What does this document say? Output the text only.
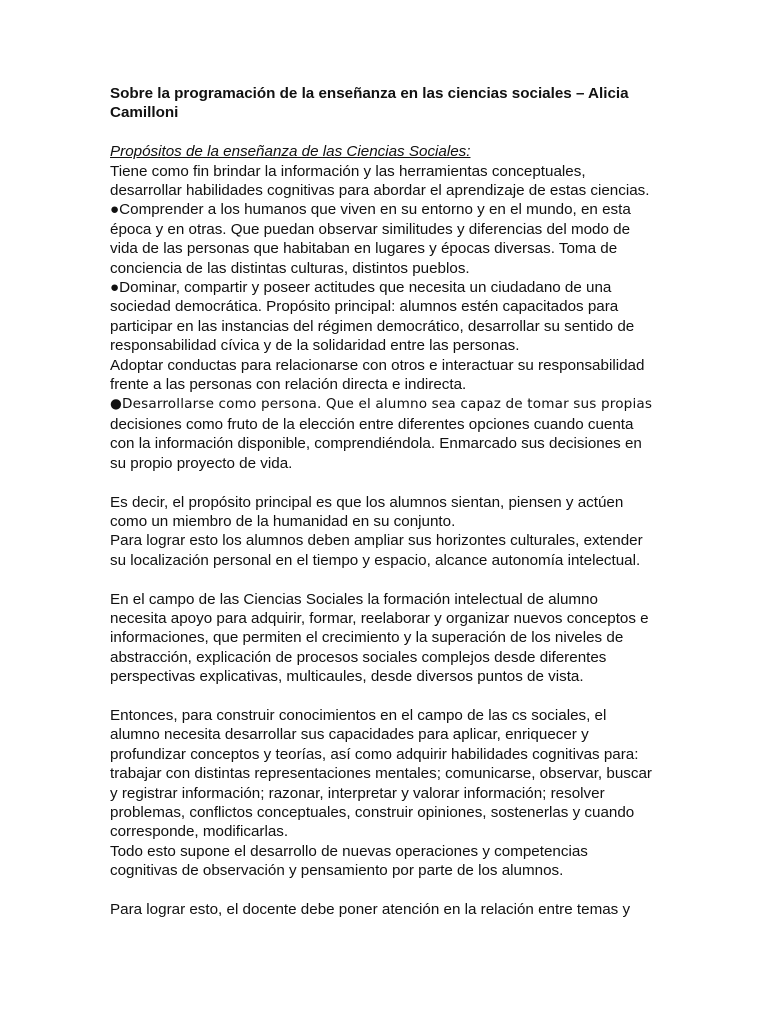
Sobre la programación de la enseñanza en las ciencias sociales – Alicia Camilloni

Propósitos de la enseñanza de las Ciencias Sociales:

Tiene como fin brindar la información y las herramientas conceptuales, desarrollar habilidades cognitivas para abordar el aprendizaje de estas ciencias.

●Comprender a los humanos que viven en su entorno y en el mundo, en esta época y en otras. Que puedan observar similitudes y diferencias del modo de vida de las personas que habitaban en lugares y épocas diversas. Toma de conciencia de las distintas culturas, distintos pueblos.

●Dominar, compartir y poseer actitudes que necesita un ciudadano de una sociedad democrática. Propósito principal: alumnos estén capacitados para participar en las instancias del régimen democrático, desarrollar su sentido de responsabilidad cívica y de la solidaridad entre las personas.

Adoptar conductas para relacionarse con otros e interactuar su responsabilidad frente a las personas con relación directa e indirecta.

●Desarrollarse como persona. Que el alumno sea capaz de tomar sus propias decisiones como fruto de la elección entre diferentes opciones cuando cuenta con la información disponible, comprendiéndola. Enmarcado sus decisiones en su propio proyecto de vida.

Es decir, el propósito principal es que los alumnos sientan, piensen y actúen como un miembro de la humanidad en su conjunto.

Para lograr esto los alumnos deben ampliar sus horizontes culturales, extender su localización personal en el tiempo y espacio, alcance autonomía intelectual.

En el campo de las Ciencias Sociales la formación intelectual de alumno necesita apoyo para adquirir, formar, reelaborar y organizar nuevos conceptos e informaciones, que permiten el crecimiento y la superación de los niveles de abstracción, explicación de procesos sociales complejos desde diferentes perspectivas explicativas, multicaules, desde diversos puntos de vista.

Entonces, para construir conocimientos en el campo de las cs sociales, el alumno necesita desarrollar sus capacidades para aplicar, enriquecer y profundizar conceptos y teorías, así como adquirir habilidades cognitivas para: trabajar con distintas representaciones mentales; comunicarse, observar, buscar y registrar información; razonar, interpretar y valorar información; resolver problemas, conflictos conceptuales, construir opiniones, sostenerlas y cuando corresponde, modificarlas.

Todo esto supone el desarrollo de nuevas operaciones y competencias cognitivas de observación y pensamiento por parte de los alumnos.

Para lograr esto, el docente debe poner atención en la relación entre temas y
